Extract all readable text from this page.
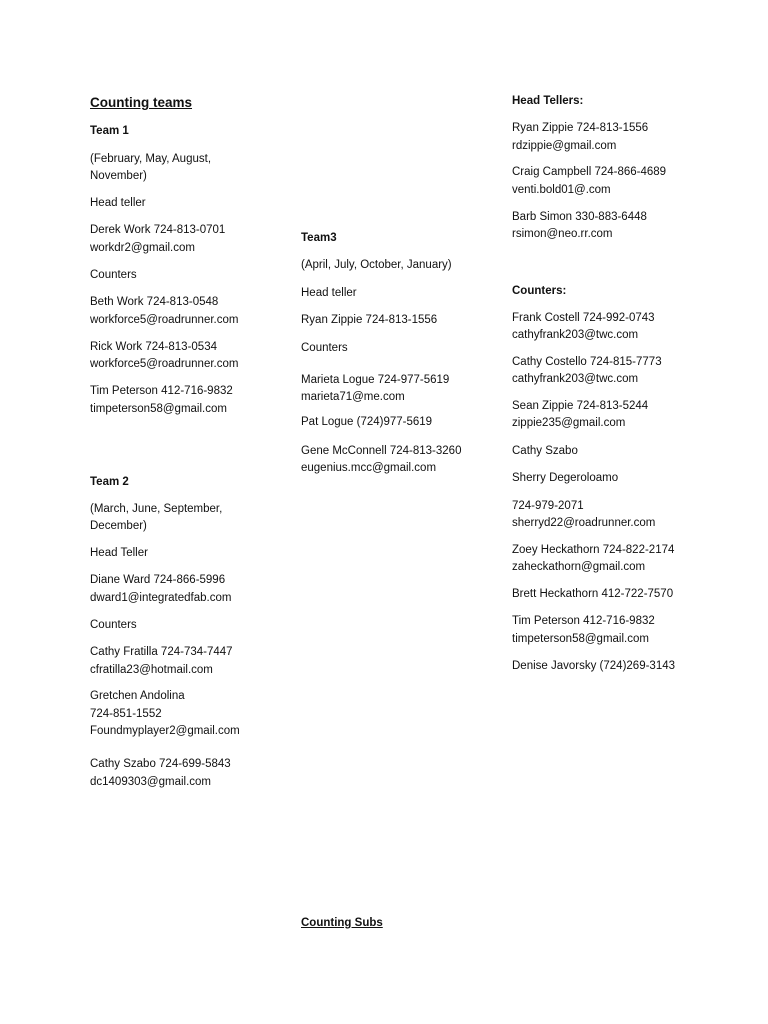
Counting teams
Team 1
(February, May, August,
November)
Head teller
Derek Work 724-813-0701
workdr2@gmail.com
Counters
Beth Work 724-813-0548
workforce5@roadrunner.com
Rick Work 724-813-0534
workforce5@roadrunner.com
Tim Peterson 412-716-9832
timpeterson58@gmail.com
Team 2
(March, June, September,
December)
Head Teller
Diane Ward 724-866-5996
dward1@integratedfab.com
Counters
Cathy Fratilla 724-734-7447
cfratilla23@hotmail.com
Gretchen Andolina
724-851-1552
Foundmyplayer2@gmail.com
Cathy Szabo 724-699-5843
dc1409303@gmail.com
Team3
(April, July, October, January)
Head teller
Ryan Zippie 724-813-1556
Counters
Marieta Logue 724-977-5619
marieta71@me.com
Pat Logue (724)977-5619
Gene McConnell 724-813-3260
eugenius.mcc@gmail.com
Counting Subs
Head Tellers:
Ryan Zippie 724-813-1556
rdzippie@gmail.com
Craig Campbell 724-866-4689
venti.bold01@.com
Barb Simon 330-883-6448
rsimon@neo.rr.com
Counters:
Frank Costell 724-992-0743
cathyfrank203@twc.com
Cathy Costello 724-815-7773
cathyfrank203@twc.com
Sean Zippie 724-813-5244
zippie235@gmail.com
Cathy Szabo
Sherry Degeroloamo
724-979-2071
sherryd22@roadrunner.com
Zoey Heckathorn 724-822-2174
zaheckathorn@gmail.com
Brett Heckathorn 412-722-7570
Tim Peterson 412-716-9832
timpeterson58@gmail.com
Denise Javorsky (724)269-3143
